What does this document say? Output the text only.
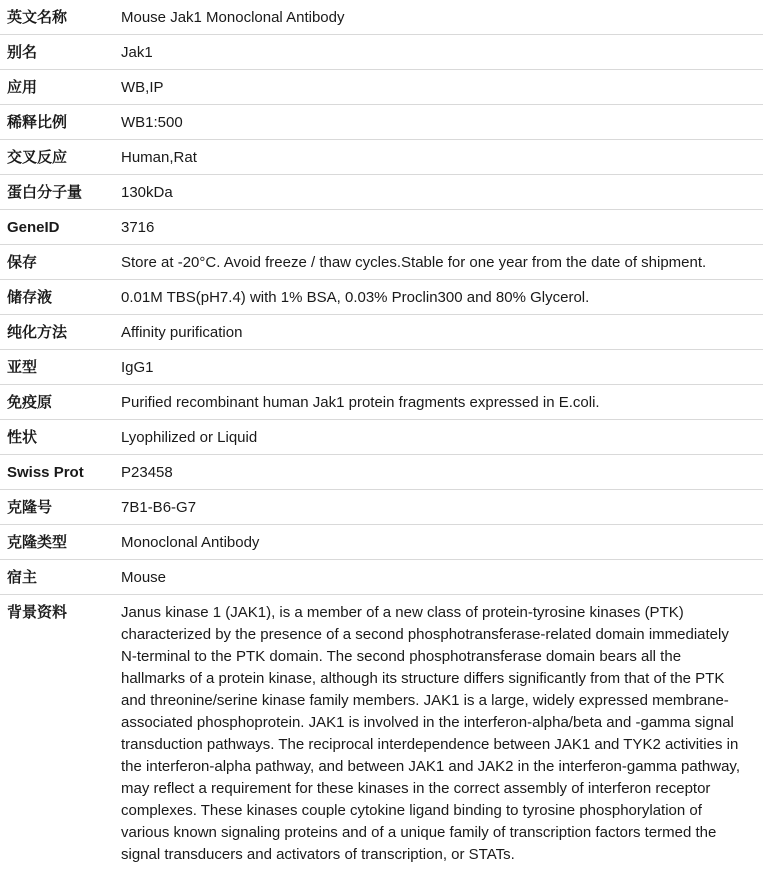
英文名称	Mouse Jak1 Monoclonal Antibody
别名	Jak1
应用	WB,IP
稀释比例	WB1:500
交叉反应	Human,Rat
蛋白分子量	130kDa
GeneID	3716
保存	Store at -20°C. Avoid freeze / thaw cycles.Stable for one year from the date of shipment.
储存液	0.01M TBS(pH7.4) with 1% BSA, 0.03% Proclin300 and 80% Glycerol.
纯化方法	Affinity purification
亚型	IgG1
免疫原	Purified recombinant human Jak1 protein fragments expressed in E.coli.
性状	Lyophilized or Liquid
Swiss Prot	P23458
克隆号	7B1-B6-G7
克隆类型	Monoclonal Antibody
宿主	Mouse
背景资料	Janus kinase 1 (JAK1), is a member of a new class of protein-tyrosine kinases (PTK) characterized by the presence of a second phosphotransferase-related domain immediately N-terminal to the PTK domain. The second phosphotransferase domain bears all the hallmarks of a protein kinase, although its structure differs significantly from that of the PTK and threonine/serine kinase family members. JAK1 is a large, widely expressed membrane-associated phosphoprotein. JAK1 is involved in the interferon-alpha/beta and -gamma signal transduction pathways. The reciprocal interdependence between JAK1 and TYK2 activities in the interferon-alpha pathway, and between JAK1 and JAK2 in the interferon-gamma pathway, may reflect a requirement for these kinases in the correct assembly of interferon receptor complexes. These kinases couple cytokine ligand binding to tyrosine phosphorylation of various known signaling proteins and of a unique family of transcription factors termed the signal transducers and activators of transcription, or STATs.
